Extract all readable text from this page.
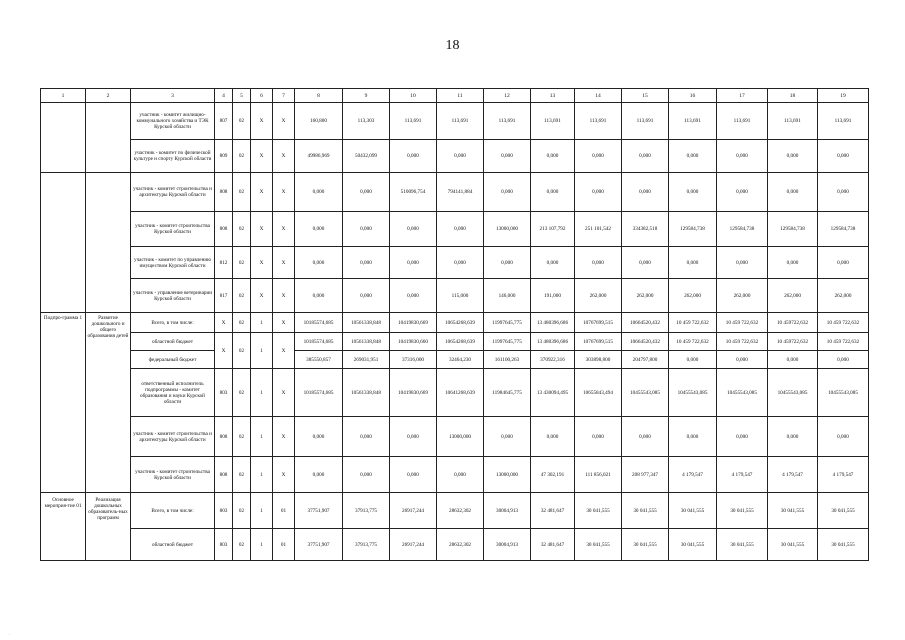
18
1	2	3	4	5	6	7	8	9	10	11	12	13	14	15	16	17	18	19
		участник - комитет жилищно-коммунального хозяйства и ТЭК Курской области	807	02	X	X	160,800	113,303	113,691	113,691	113,691	113,691	113,691	113,691	113,691	113,691	113,691	113,691
		участник - комитет по физической культуре и спорту Курской области	809	02	X	X	49986,969	50432,099	0,000	0,000	0,000	0,000	0,000	0,000	0,000	0,000	0,000	0,000
		участник - комитет строительства и архитектуры Курской области	808	02	X	X	0,000	0,000	510096,754	794141,884	0,000	0,000	0,000	0,000	0,000	0,000	0,000	0,000
		участник - комитет строительства Курской области	808	02	X	X	0,000	0,000	0,000	0,000	13000,000	213 107,792	251 101,542	334382,518	129584,738	129584,738	129584,738	129584,738
		участник - комитет по управлению имуществом Курской области	812	02	X	X	0,000	0,000	0,000	0,000	0,000	0,000	0,000	0,000	0,000	0,000	0,000	0,000
		участник - управление ветеринарии Курской области	817	02	X	X	0,000	0,000	0,000	115,000	146,000	191,000	262,000	262,000	262,000	262,000	262,000	262,000
Подпро-грамма 1	Развитие дошкольного и общего образования детей	Всего, в том числе:	X	02	1	X	10185574,685	10561338,848	10419830,669	10654268,639	11997645,775	13 480396,686	10767699,515	10664520,432	10 459 722,632	10 459 722,632	10 459722,632	10 459 722,632
		областной бюджет	X	02	1	X	10185574,685	10561338,848	10419830,660	10654268,639	11997645,775	13 480396,686	10767699,515	10664520,432	10 459 722,632	10 459 722,632	10 459722,632	10 459 722,632
		федеральный бюджет					385550,857	269031,951	37316,000	32464,230	161100,263	370922,316	303898,800	204797,800	0,000	0,000	0,000	0,000
		ответственный исполнитель подпрограммы - комитет образования и науки Курской области	803	02	1	X	10185574,685	10561338,848	10419830,669	10641268,639	11984645,775	13 430094,495	10655843,494	10455543,085	10455543,085	10455543,085	10455543,085	10455543,085
		участник - комитет строительства и архитектуры Курской области	808	02	1	X	0,000	0,000	0,000	13000,000	0,000	0,000	0,000	0,000	0,000	0,000	0,000	0,000
		участник - комитет строительства Курской области	808	02	1	X	0,000	0,000	0,000	0,000	13000,000	47 302,191	111 856,021	208 977,347	4 179,547	4 179,547	4 179,547	4 179,547
Основное мероприя-тие 01	Реализация дошкольных образователь-ных программ	Всего, в том числе:	803	02	1	01	37751,907	37913,775	26917,244	28632,302	30004,913	32 481,647	30 041,555	30 041,555	30 041,555	30 041,555	30 041,555	30 041,555
		областной бюджет	803	02	1	01	37751,907	37913,775	26917,244	28632,302	30004,913	32 481,647	30 041,555	30 041,555	30 041,555	30 041,555	30 041,555	30 041,555
·
